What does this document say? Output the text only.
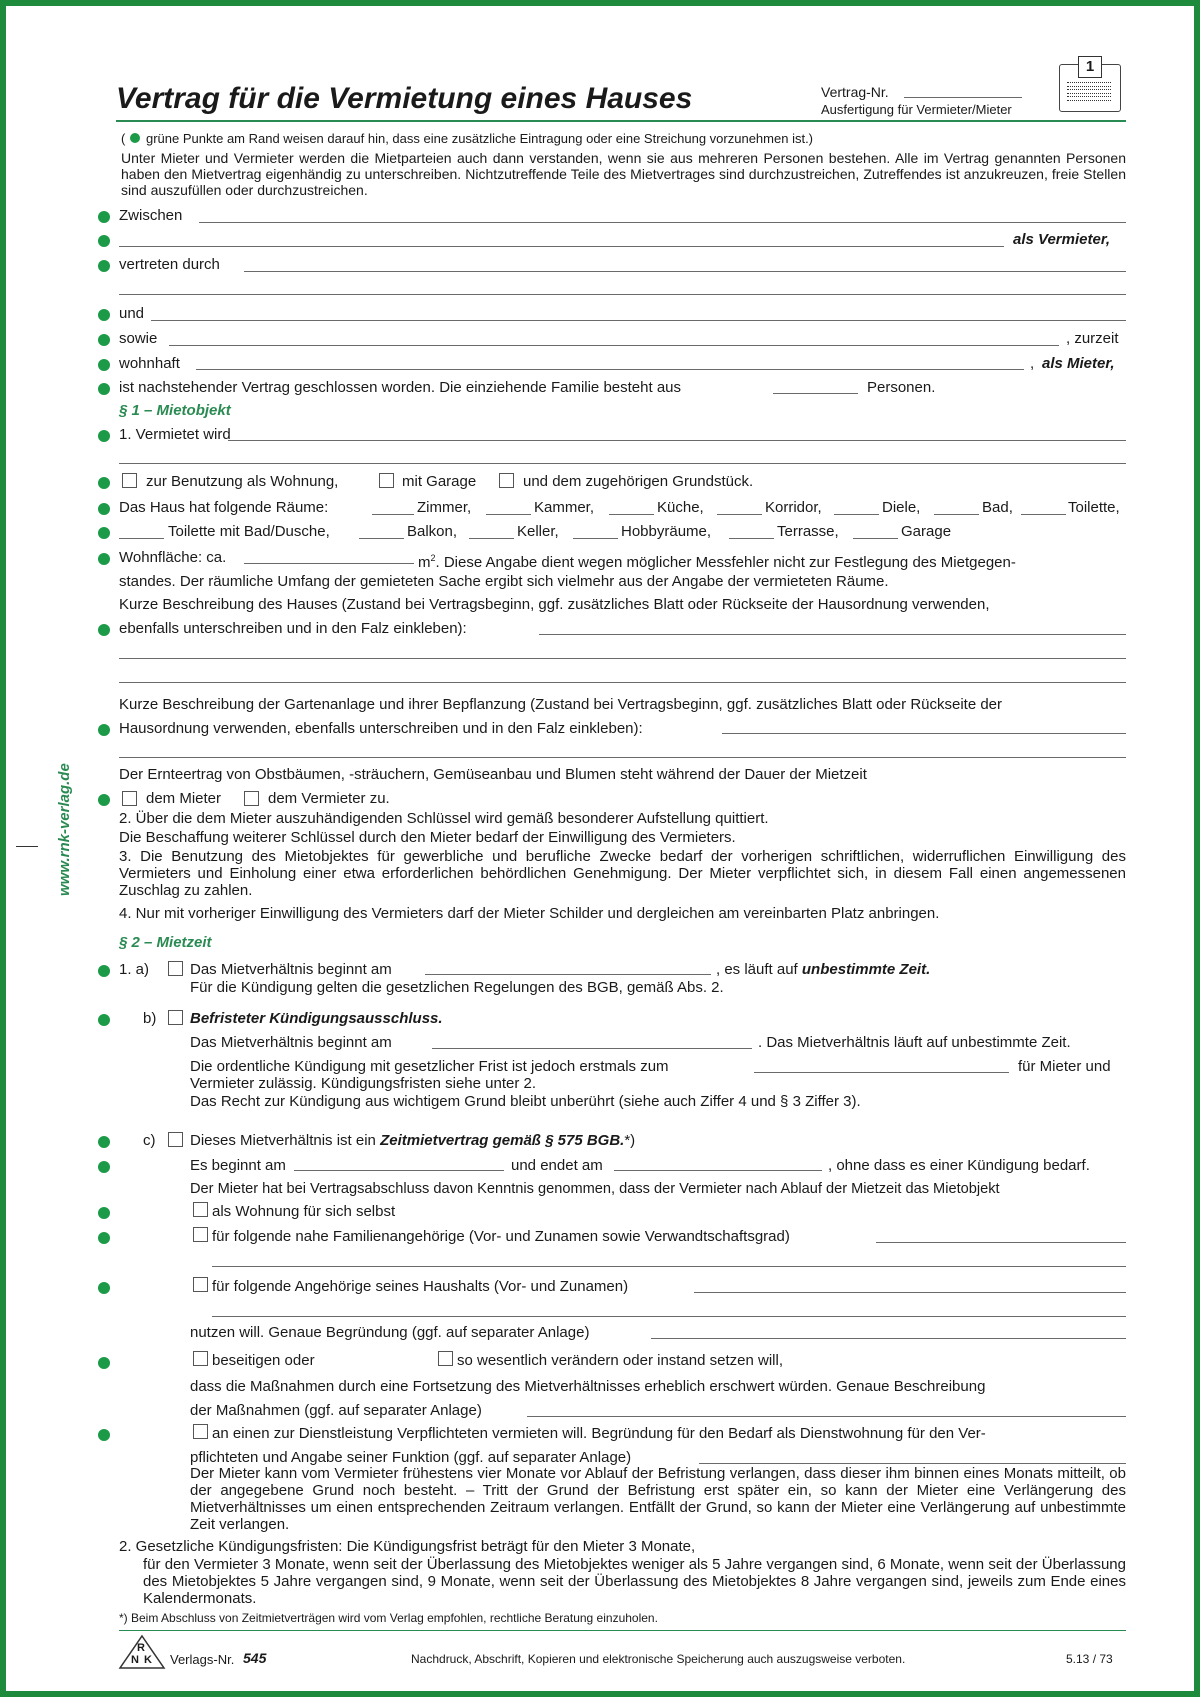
www.rnk-verlag.de
Vertrag für die Vermietung eines Hauses	Vertrag-Nr.
Ausfertigung für Vermieter/Mieter
1
( grüne Punkte am Rand weisen darauf hin, dass eine zusätzliche Eintragung oder eine Streichung vorzunehmen ist.)
Unter Mieter und Vermieter werden die Mietparteien auch dann verstanden, wenn sie aus mehreren Personen bestehen. Alle im Vertrag genannten Personen haben den Mietvertrag eigenhändig zu unterschreiben. Nichtzutreffende Teile des Mietvertrages sind durchzustreichen, Zutreffendes ist anzukreuzen, freie Stellen sind auszufüllen oder durchzustreichen.
Zwischen
als Vermieter,
vertreten durch
und
sowie	, zurzeit
wohnhaft	, als Mieter,
ist nachstehender Vertrag geschlossen worden. Die einziehende Familie besteht aus	Personen.
§ 1 – Mietobjekt
1. Vermietet wird
zur Benutzung als Wohnung,	mit Garage	und dem zugehörigen Grundstück.
Das Haus hat folgende Räume:	Zimmer,	Kammer,	Küche,	Korridor,	Diele,	Bad,	Toilette,
Toilette mit Bad/Dusche,	Balkon,	Keller,	Hobbyräume,	Terrasse,	Garage
Wohnfläche: ca.	$m^2$. Diese Angabe dient wegen möglicher Messfehler nicht zur Festlegung des Mietgegen-
standes. Der räumliche Umfang der gemieteten Sache ergibt sich vielmehr aus der Angabe der vermieteten Räume.
Kurze Beschreibung des Hauses (Zustand bei Vertragsbeginn, ggf. zusätzliches Blatt oder Rückseite der Hausordnung verwenden,
ebenfalls unterschreiben und in den Falz einkleben):
Kurze Beschreibung der Gartenanlage und ihrer Bepflanzung (Zustand bei Vertragsbeginn, ggf. zusätzliches Blatt oder Rückseite der
Hausordnung verwenden, ebenfalls unterschreiben und in den Falz einkleben):
Der Ernteertrag von Obstbäumen, -sträuchern, Gemüseanbau und Blumen steht während der Dauer der Mietzeit
dem Mieter	dem Vermieter zu.
2. Über die dem Mieter auszuhändigenden Schlüssel wird gemäß besonderer Aufstellung quittiert.
Die Beschaffung weiterer Schlüssel durch den Mieter bedarf der Einwilligung des Vermieters.
3. Die Benutzung des Mietobjektes für gewerbliche und berufliche Zwecke bedarf der vorherigen schriftlichen, widerruflichen Einwilligung des Vermieters und Einholung einer etwa erforderlichen behördlichen Genehmigung. Der Mieter verpflichtet sich, in diesem Fall einen angemessenen Zuschlag zu zahlen.
4. Nur mit vorheriger Einwilligung des Vermieters darf der Mieter Schilder und dergleichen am vereinbarten Platz anbringen.
§ 2 – Mietzeit
1. a)	Das Mietverhältnis beginnt am	, es läuft auf unbestimmte Zeit.
Für die Kündigung gelten die gesetzlichen Regelungen des BGB, gemäß Abs. 2.
b) Befristeter Kündigungsausschluss.
Das Mietverhältnis beginnt am	. Das Mietverhältnis läuft auf unbestimmte Zeit.
Die ordentliche Kündigung mit gesetzlicher Frist ist jedoch erstmals zum	für Mieter und
Vermieter zulässig. Kündigungsfristen siehe unter 2.
Das Recht zur Kündigung aus wichtigem Grund bleibt unberührt (siehe auch Ziffer 4 und § 3 Ziffer 3).
c) Dieses Mietverhältnis ist ein Zeitmietvertrag gemäß § 575 BGB.*)
Es beginnt am	und endet am	, ohne dass es einer Kündigung bedarf.
Der Mieter hat bei Vertragsabschluss davon Kenntnis genommen, dass der Vermieter nach Ablauf der Mietzeit das Mietobjekt
als Wohnung für sich selbst
für folgende nahe Familienangehörige (Vor- und Zunamen sowie Verwandtschaftsgrad)
für folgende Angehörige seines Haushalts (Vor- und Zunamen)
nutzen will. Genaue Begründung (ggf. auf separater Anlage)
beseitigen oder	so wesentlich verändern oder instand setzen will,
dass die Maßnahmen durch eine Fortsetzung des Mietverhältnisses erheblich erschwert würden. Genaue Beschreibung
der Maßnahmen (ggf. auf separater Anlage)
an einen zur Dienstleistung Verpflichteten vermieten will. Begründung für den Bedarf als Dienstwohnung für den Ver-
pflichteten und Angabe seiner Funktion (ggf. auf separater Anlage)
Der Mieter kann vom Vermieter frühestens vier Monate vor Ablauf der Befristung verlangen, dass dieser ihm binnen eines Monats mitteilt, ob der angegebene Grund noch besteht. – Tritt der Grund der Befristung erst später ein, so kann der Mieter eine Verlängerung des Mietverhältnisses um einen entsprechenden Zeitraum verlangen. Entfällt der Grund, so kann der Mieter eine Verlängerung auf unbestimmte Zeit verlangen.
2. Gesetzliche Kündigungsfristen: Die Kündigungsfrist beträgt für den Mieter 3 Monate,
für den Vermieter 3 Monate, wenn seit der Überlassung des Mietobjektes weniger als 5 Jahre vergangen sind, 6 Monate, wenn seit der Überlassung des Mietobjektes 5 Jahre vergangen sind, 9 Monate, wenn seit der Überlassung des Mietobjektes 8 Jahre vergangen sind, jeweils zum Ende eines Kalendermonats.
*) Beim Abschluss von Zeitmietverträgen wird vom Verlag empfohlen, rechtliche Beratung einzuholen.
R
N K Verlags-Nr. 545	Nachdruck, Abschrift, Kopieren und elektronische Speicherung auch auszugsweise verboten.	5.13 / 73
